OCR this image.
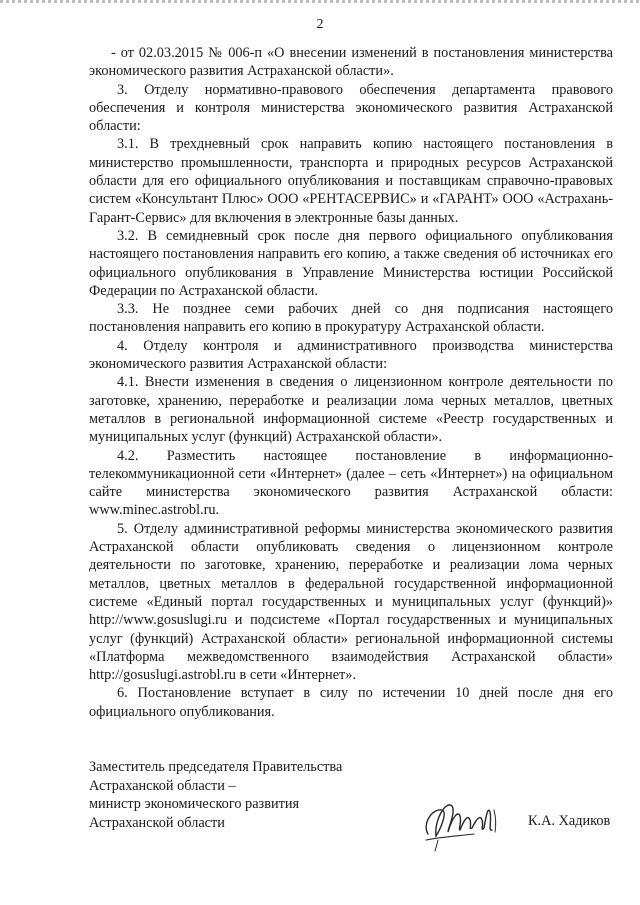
2

- от 02.03.2015 № 006-п «О внесении изменений в постановления министерства экономического развития Астраханской области».

3. Отделу нормативно-правового обеспечения департамента правового обеспечения и контроля министерства экономического развития Астраханской области:

3.1. В трехдневный срок направить копию настоящего постановления в министерство промышленности, транспорта и природных ресурсов Астраханской области для его официального опубликования и поставщикам справочно-правовых систем «Консультант Плюс» ООО «РЕНТАСЕРВИС» и «ГАРАНТ» ООО «Астрахань-Гарант-Сервис» для включения в электронные базы данных.

3.2. В семидневный срок после дня первого официального опубликования настоящего постановления направить его копию, а также сведения об источниках его официального опубликования в Управление Министерства юстиции Российской Федерации по Астраханской области.

3.3. Не позднее семи рабочих дней со дня подписания настоящего постановления направить его копию в прокуратуру Астраханской области.

4. Отделу контроля и административного производства министерства экономического развития Астраханской области:

4.1. Внести изменения в сведения о лицензионном контроле деятельности по заготовке, хранению, переработке и реализации лома черных металлов, цветных металлов в региональной информационной системе «Реестр государственных и муниципальных услуг (функций) Астраханской области».

4.2. Разместить настоящее постановление в информационно-телекоммуникационной сети «Интернет» (далее – сеть «Интернет») на официальном сайте министерства экономического развития Астраханской области: www.minec.astrobl.ru.

5. Отделу административной реформы министерства экономического развития Астраханской области опубликовать сведения о лицензионном контроле деятельности по заготовке, хранению, переработке и реализации лома черных металлов, цветных металлов в федеральной государственной информационной системе «Единый портал государственных и муниципальных услуг (функций)» http://www.gosuslugi.ru и подсистеме «Портал государственных и муниципальных услуг (функций) Астраханской области» региональной информационной системы «Платформа межведомственного взаимодействия Астраханской области» http://gosuslugi.astrobl.ru в сети «Интернет».

6. Постановление вступает в силу по истечении 10 дней после дня его официального опубликования.

Заместитель председателя Правительства
Астраханской области –
министр экономического развития
Астраханской области	К.А. Хадиков
